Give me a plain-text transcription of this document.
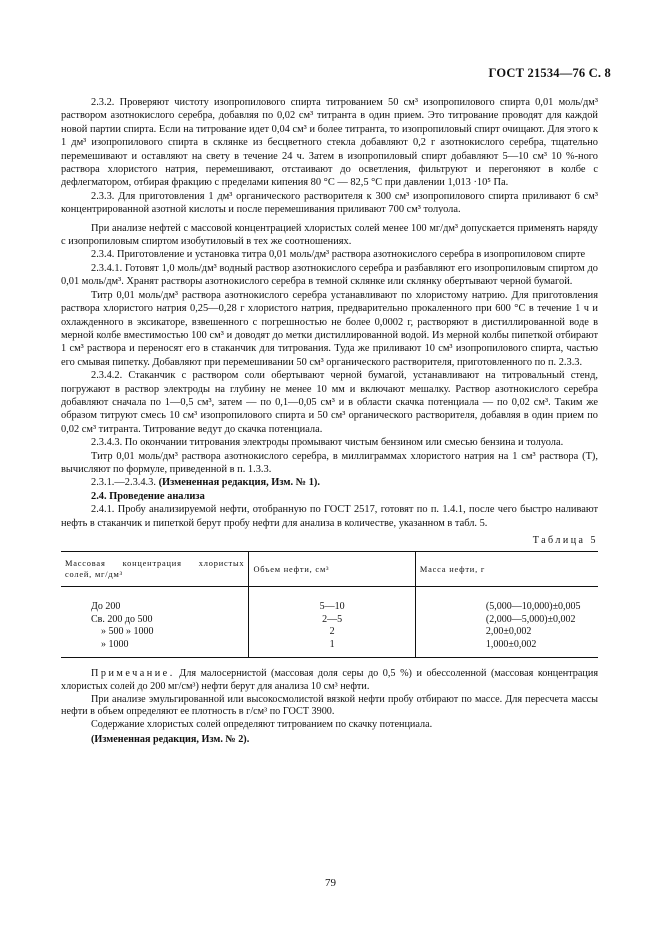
ГОСТ 21534—76 С. 8

2.3.2. Проверяют чистоту изопропилового спирта титрованием 50 см³ изопропилового спирта 0,01 моль/дм³ раствором азотнокислого серебра, добавляя по 0,02 см³ титранта в один прием. Это титрование проводят для каждой новой партии спирта. Если на титрование идет 0,04 см³ и более титранта, то изопропиловый спирт очищают. Для этого к 1 дм³ изопропилового спирта в склянке из бесцветного стекла добавляют 0,2 г азотнокислого серебра, тщательно перемешивают и оставляют на свету в течение 24 ч. Затем в изопропиловый спирт добавляют 5—10 см³ 10 %-ного раствора хлористого натрия, перемешивают, отстаивают до осветления, фильтруют и перегоняют в колбе с дефлегматором, отбирая фракцию с пределами кипения 80 °С — 82,5 °С при давлении 1,013 ·10⁵ Па.

2.3.3. Для приготовления 1 дм³ органического растворителя к 300 см³ изопропилового спирта приливают 6 см³ концентрированной азотной кислоты и после перемешивания приливают 700 см³ толуола.

При анализе нефтей с массовой концентрацией хлористых солей менее 100 мг/дм³ допускается применять наряду с изопропиловым спиртом изобутиловый в тех же соотношениях.

2.3.4. Приготовление и установка титра 0,01 моль/дм³ раствора азотнокислого серебра в изопропиловом спирте

2.3.4.1. Готовят 1,0 моль/дм³ водный раствор азотнокислого серебра и разбавляют его изопропиловым спиртом до 0,01 моль/дм³. Хранят растворы азотнокислого серебра в темной склянке или склянку обертывают черной бумагой.

Титр 0,01 моль/дм³ раствора азотнокислого серебра устанавливают по хлористому натрию. Для приготовления раствора хлористого натрия 0,25—0,28 г хлористого натрия, предварительно прокаленного при 600 °С в течение 1 ч и охлажденного в эксикаторе, взвешенного с погрешностью не более 0,0002 г, растворяют в дистиллированной воде в мерной колбе вместимостью 100 см³ и доводят до метки дистиллированной водой. Из мерной колбы пипеткой отбирают 1 см³ раствора и переносят его в стаканчик для титрования. Туда же приливают 10 см³ изопропилового спирта, частью его смывая пипетку. Добавляют при перемешивании 50 см³ органического растворителя, приготовленного по п. 2.3.3.

2.3.4.2. Стаканчик с раствором соли обертывают черной бумагой, устанавливают на титровальный стенд, погружают в раствор электроды на глубину не менее 10 мм и включают мешалку. Раствор азотнокислого серебра добавляют сначала по 1—0,5 см³, затем — по 0,1—0,05 см³ и в области скачка потенциала — по 0,02 см³. Таким же образом титруют смесь 10 см³ изопропилового спирта и 50 см³ органического растворителя, добавляя в один прием по 0,02 см³ титранта. Титрование ведут до скачка потенциала.

2.3.4.3. По окончании титрования электроды промывают чистым бензином или смесью бензина и толуола.

Титр 0,01 моль/дм³ раствора азотнокислого серебра, в миллиграммах хлористого натрия на 1 см³ раствора (T), вычисляют по формуле, приведенной в п. 1.3.3.

2.3.1.—2.3.4.3. (Измененная редакция, Изм. № 1).

2.4. Проведение анализа

2.4.1. Пробу анализируемой нефти, отобранную по ГОСТ 2517, готовят по п. 1.4.1, после чего быстро наливают нефть в стаканчик и пипеткой берут пробу нефти для анализа в количестве, указанном в табл. 5.

Таблица 5
Массовая концентрация хлористых солей, мг/дм³	Объем нефти, см³	Масса нефти, г
До 200	5—10	(5,000—10,000)±0,005
Св. 200 до 500	2—5	(2,000—5,000)±0,002
» 500 » 1000	2	2,00±0,002
» 1000	1	1,000±0,002

Примечание. Для малосернистой (массовая доля серы до 0,5 %) и обессоленной (массовая концентрация хлористых солей до 200 мг/см³) нефти берут для анализа 10 см³ нефти.

При анализе эмульгированной или высокосмолистой вязкой нефти пробу отбирают по массе. Для пересчета массы нефти в объем определяют ее плотность в г/см³ по ГОСТ 3900.

Содержание хлористых солей определяют титрованием по скачку потенциала.

(Измененная редакция, Изм. № 2).

79
